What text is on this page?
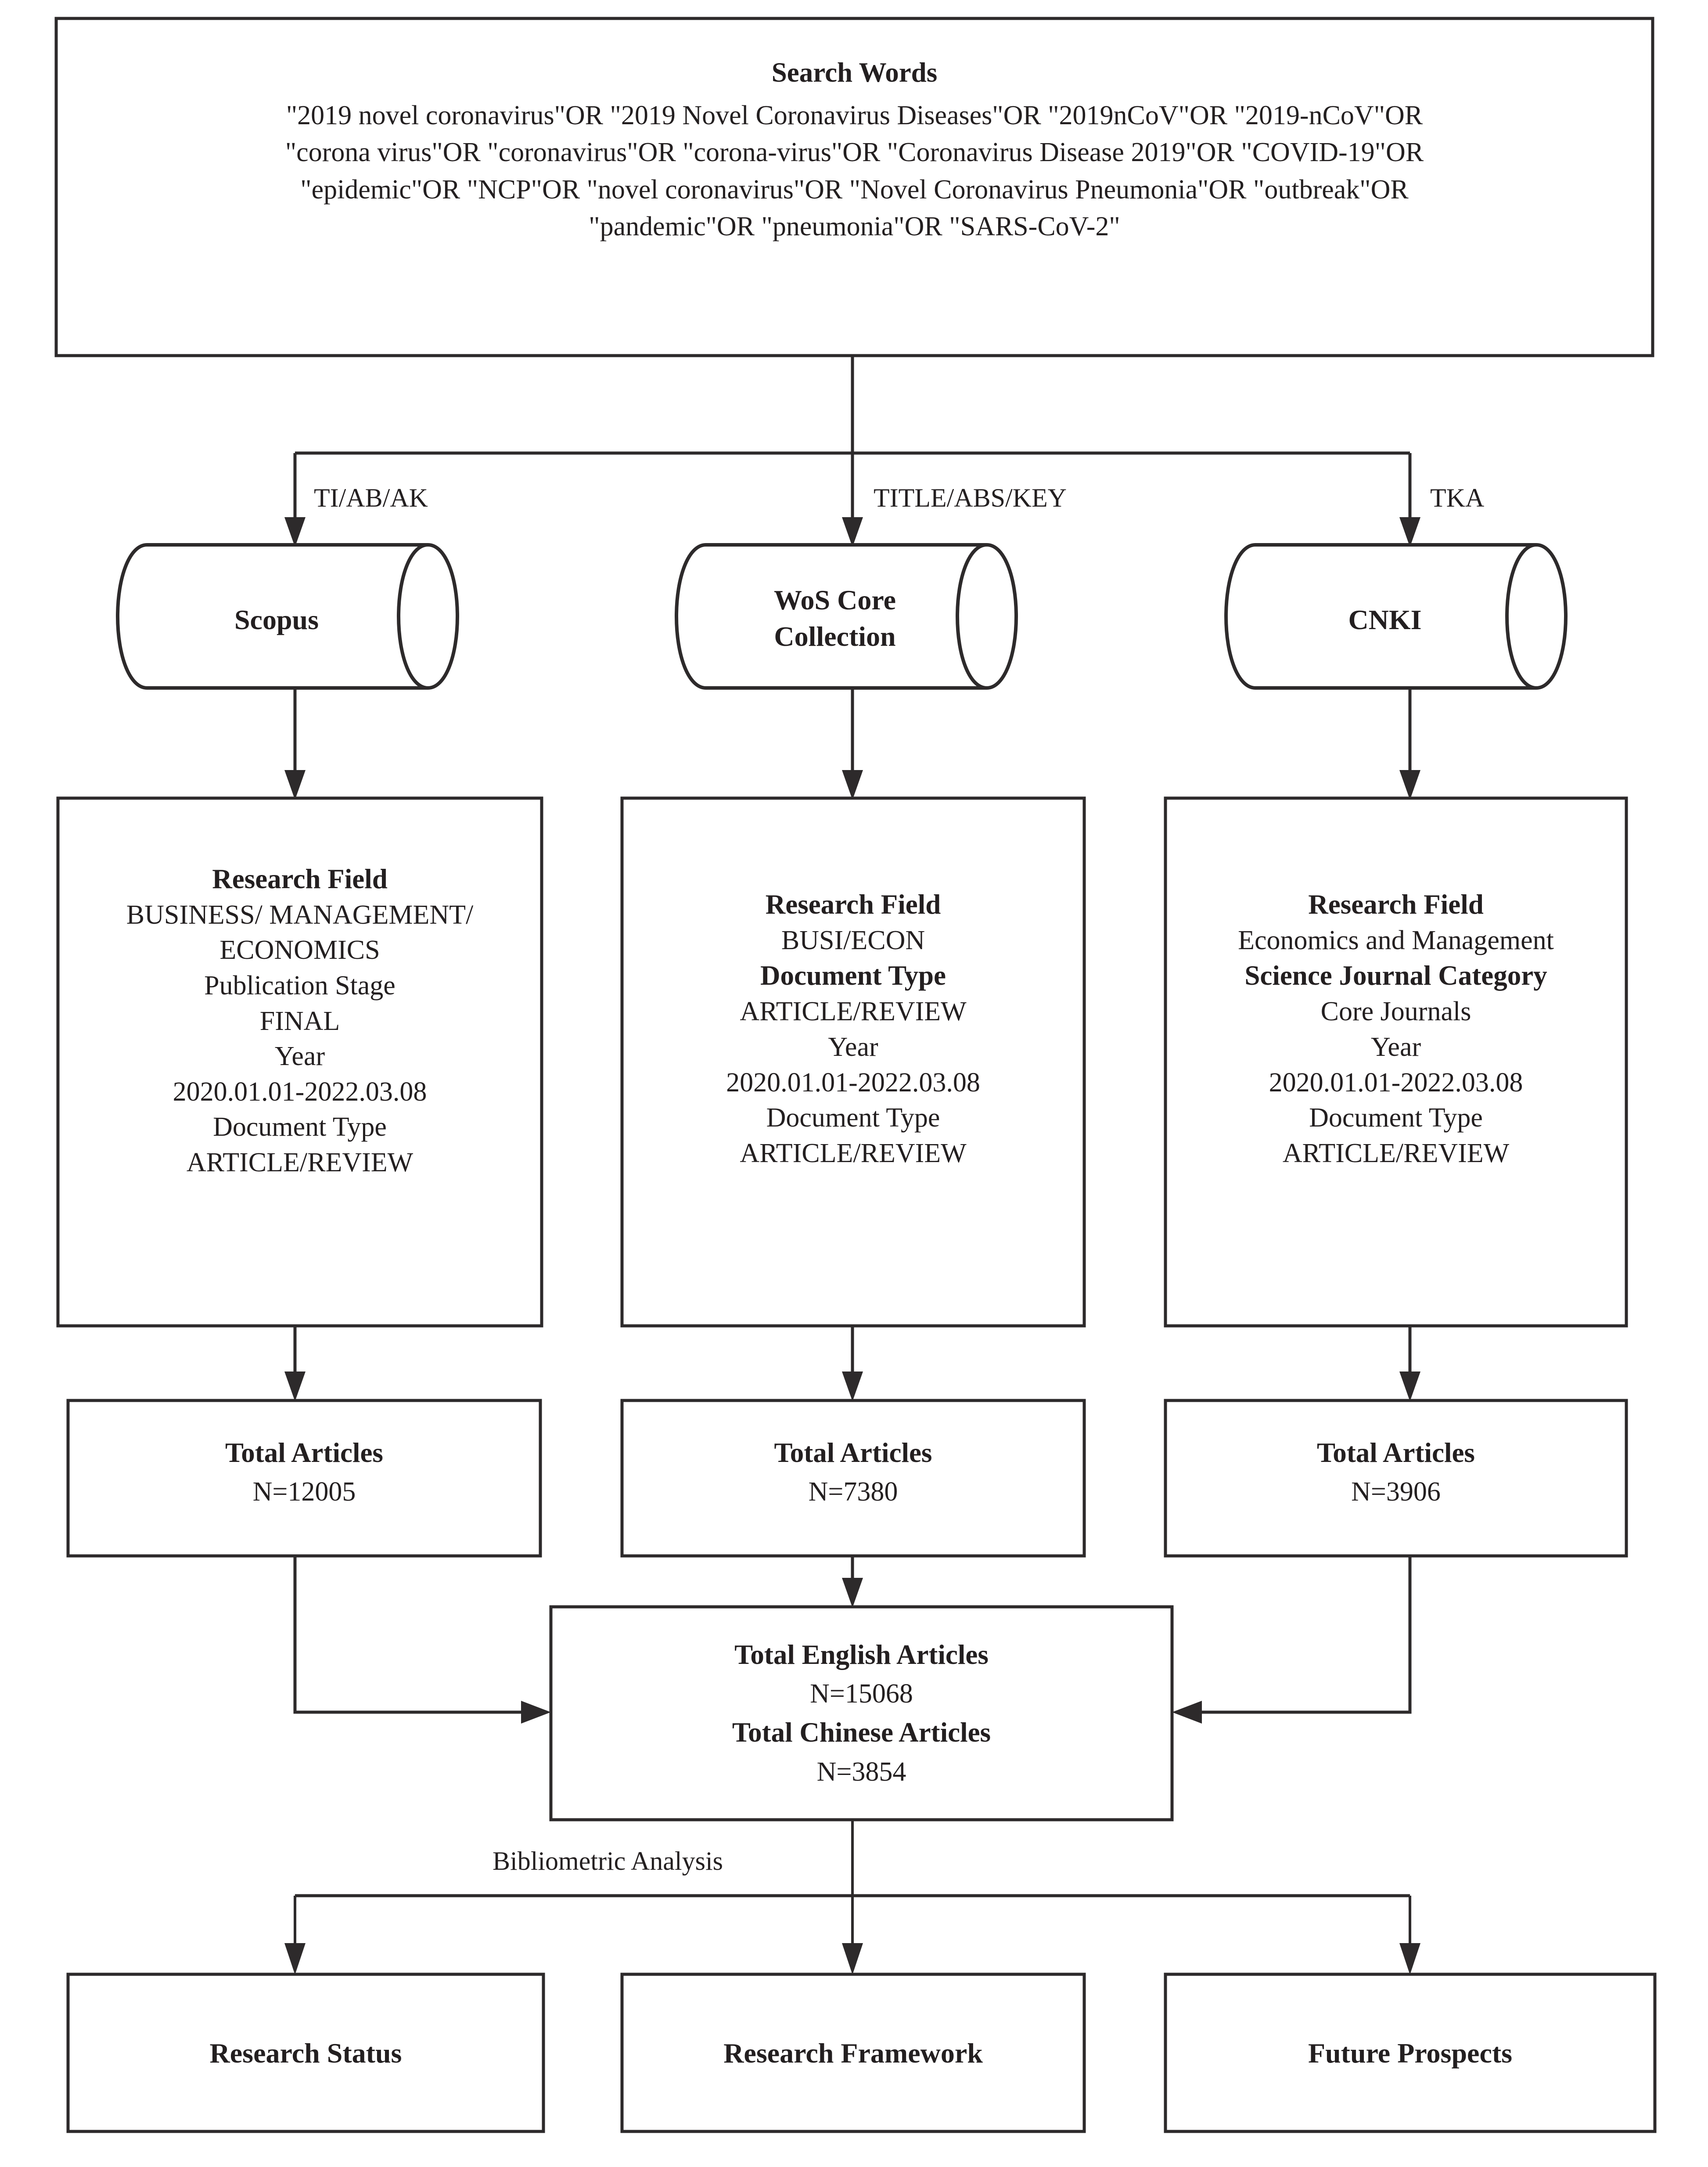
Search Words
"2019 novel coronavirus"OR "2019 Novel Coronavirus Diseases"OR "2019nCoV"OR "2019-nCoV"OR
"corona virus"OR "coronavirus"OR "corona-virus"OR "Coronavirus Disease 2019"OR "COVID-19"OR
"epidemic"OR "NCP"OR "novel coronavirus"OR "Novel Coronavirus Pneumonia"OR "outbreak"OR
"pandemic"OR "pneumonia"OR "SARS-CoV-2"
TI/AB/AK	TITLE/ABS/KEY	TKA
Scopus
WoS Core
Collection
CNKI
Research Field
BUSINESS/ MANAGEMENT/
ECONOMICS
Publication Stage
FINAL
Year
2020.01.01-2022.03.08
Document Type
ARTICLE/REVIEW
Research Field
BUSI/ECON
Document Type
ARTICLE/REVIEW
Year
2020.01.01-2022.03.08
Document Type
ARTICLE/REVIEW
Research Field
Economics and Management
Science Journal Category
Core Journals
Year
2020.01.01-2022.03.08
Document Type
ARTICLE/REVIEW
Total Articles
N=12005
Total Articles
N=7380
Total Articles
N=3906
Total English Articles
N=15068
Total Chinese Articles
N=3854
Bibliometric Analysis
Research Status	Research Framework	Future Prospects
